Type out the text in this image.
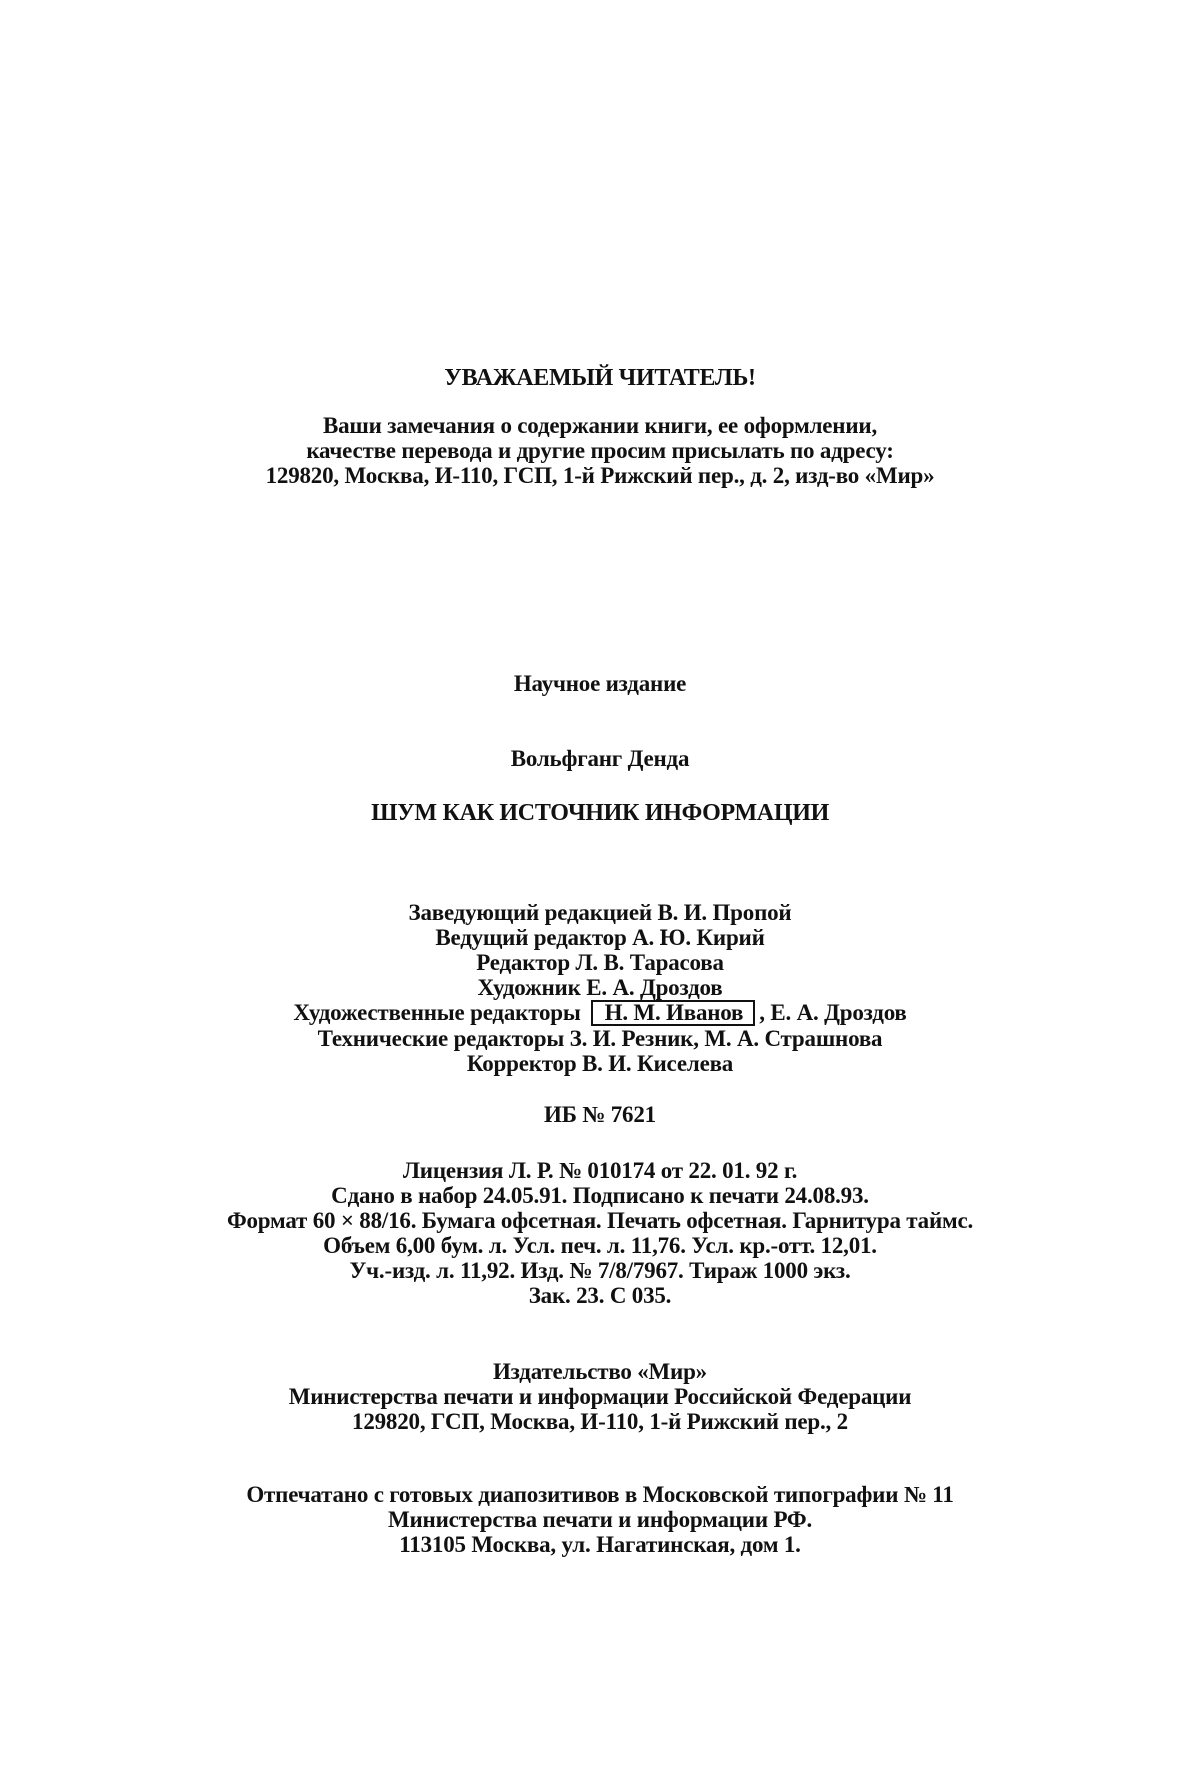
УВАЖАЕМЫЙ ЧИТАТЕЛЬ!
Ваши замечания о содержании книги, ее оформлении,
качестве перевода и другие просим присылать по адресу:
129820, Москва, И-110, ГСП, 1-й Рижский пер., д. 2, изд-во «Мир»
Научное издание
Вольфганг Денда
ШУМ КАК ИСТОЧНИК ИНФОРМАЦИИ
Заведующий редакцией В. И. Пропой
Ведущий редактор А. Ю. Кирий
Редактор Л. В. Тарасова
Художник Е. А. Дроздов
Художественные редакторы Н. М. Иванов , Е. А. Дроздов
Технические редакторы З. И. Резник, М. А. Страшнова
Корректор В. И. Киселева
ИБ № 7621
Лицензия Л. Р. № 010174 от 22. 01. 92 г.
Сдано в набор 24.05.91. Подписано к печати 24.08.93.
Формат 60 × 88/16. Бумага офсетная. Печать офсетная. Гарнитура таймс.
Объем 6,00 бум. л. Усл. печ. л. 11,76. Усл. кр.-отт. 12,01.
Уч.-изд. л. 11,92. Изд. № 7/8/7967. Тираж 1000 экз.
Зак. 23. С 035.
Издательство «Мир»
Министерства печати и информации Российской Федерации
129820, ГСП, Москва, И-110, 1-й Рижский пер., 2
Отпечатано с готовых диапозитивов в Московской типографии № 11
Министерства печати и информации РФ.
113105 Москва, ул. Нагатинская, дом 1.
